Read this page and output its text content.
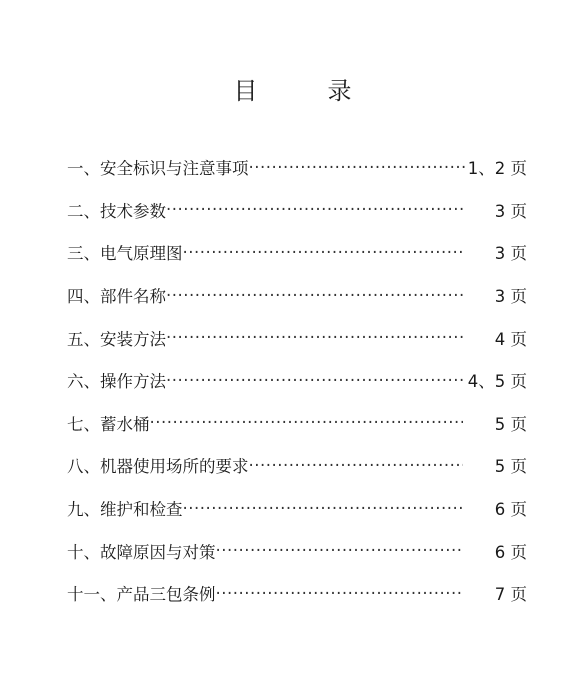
目	录
一、安全标识与注意事项 ·····	1、2 页
二、技术参数 ·····	3 页
三、电气原理图 ·····	3 页
四、部件名称 ·····	3 页
五、安装方法 ·····	4 页
六、操作方法 ·····	4、5 页
七、蓄水桶 ·····	5 页
八、机器使用场所的要求 ·····	5 页
九、维护和检查 ·····	6 页
十、故障原因与对策 ·····	6 页
十一、产品三包条例 ·····	7 页
